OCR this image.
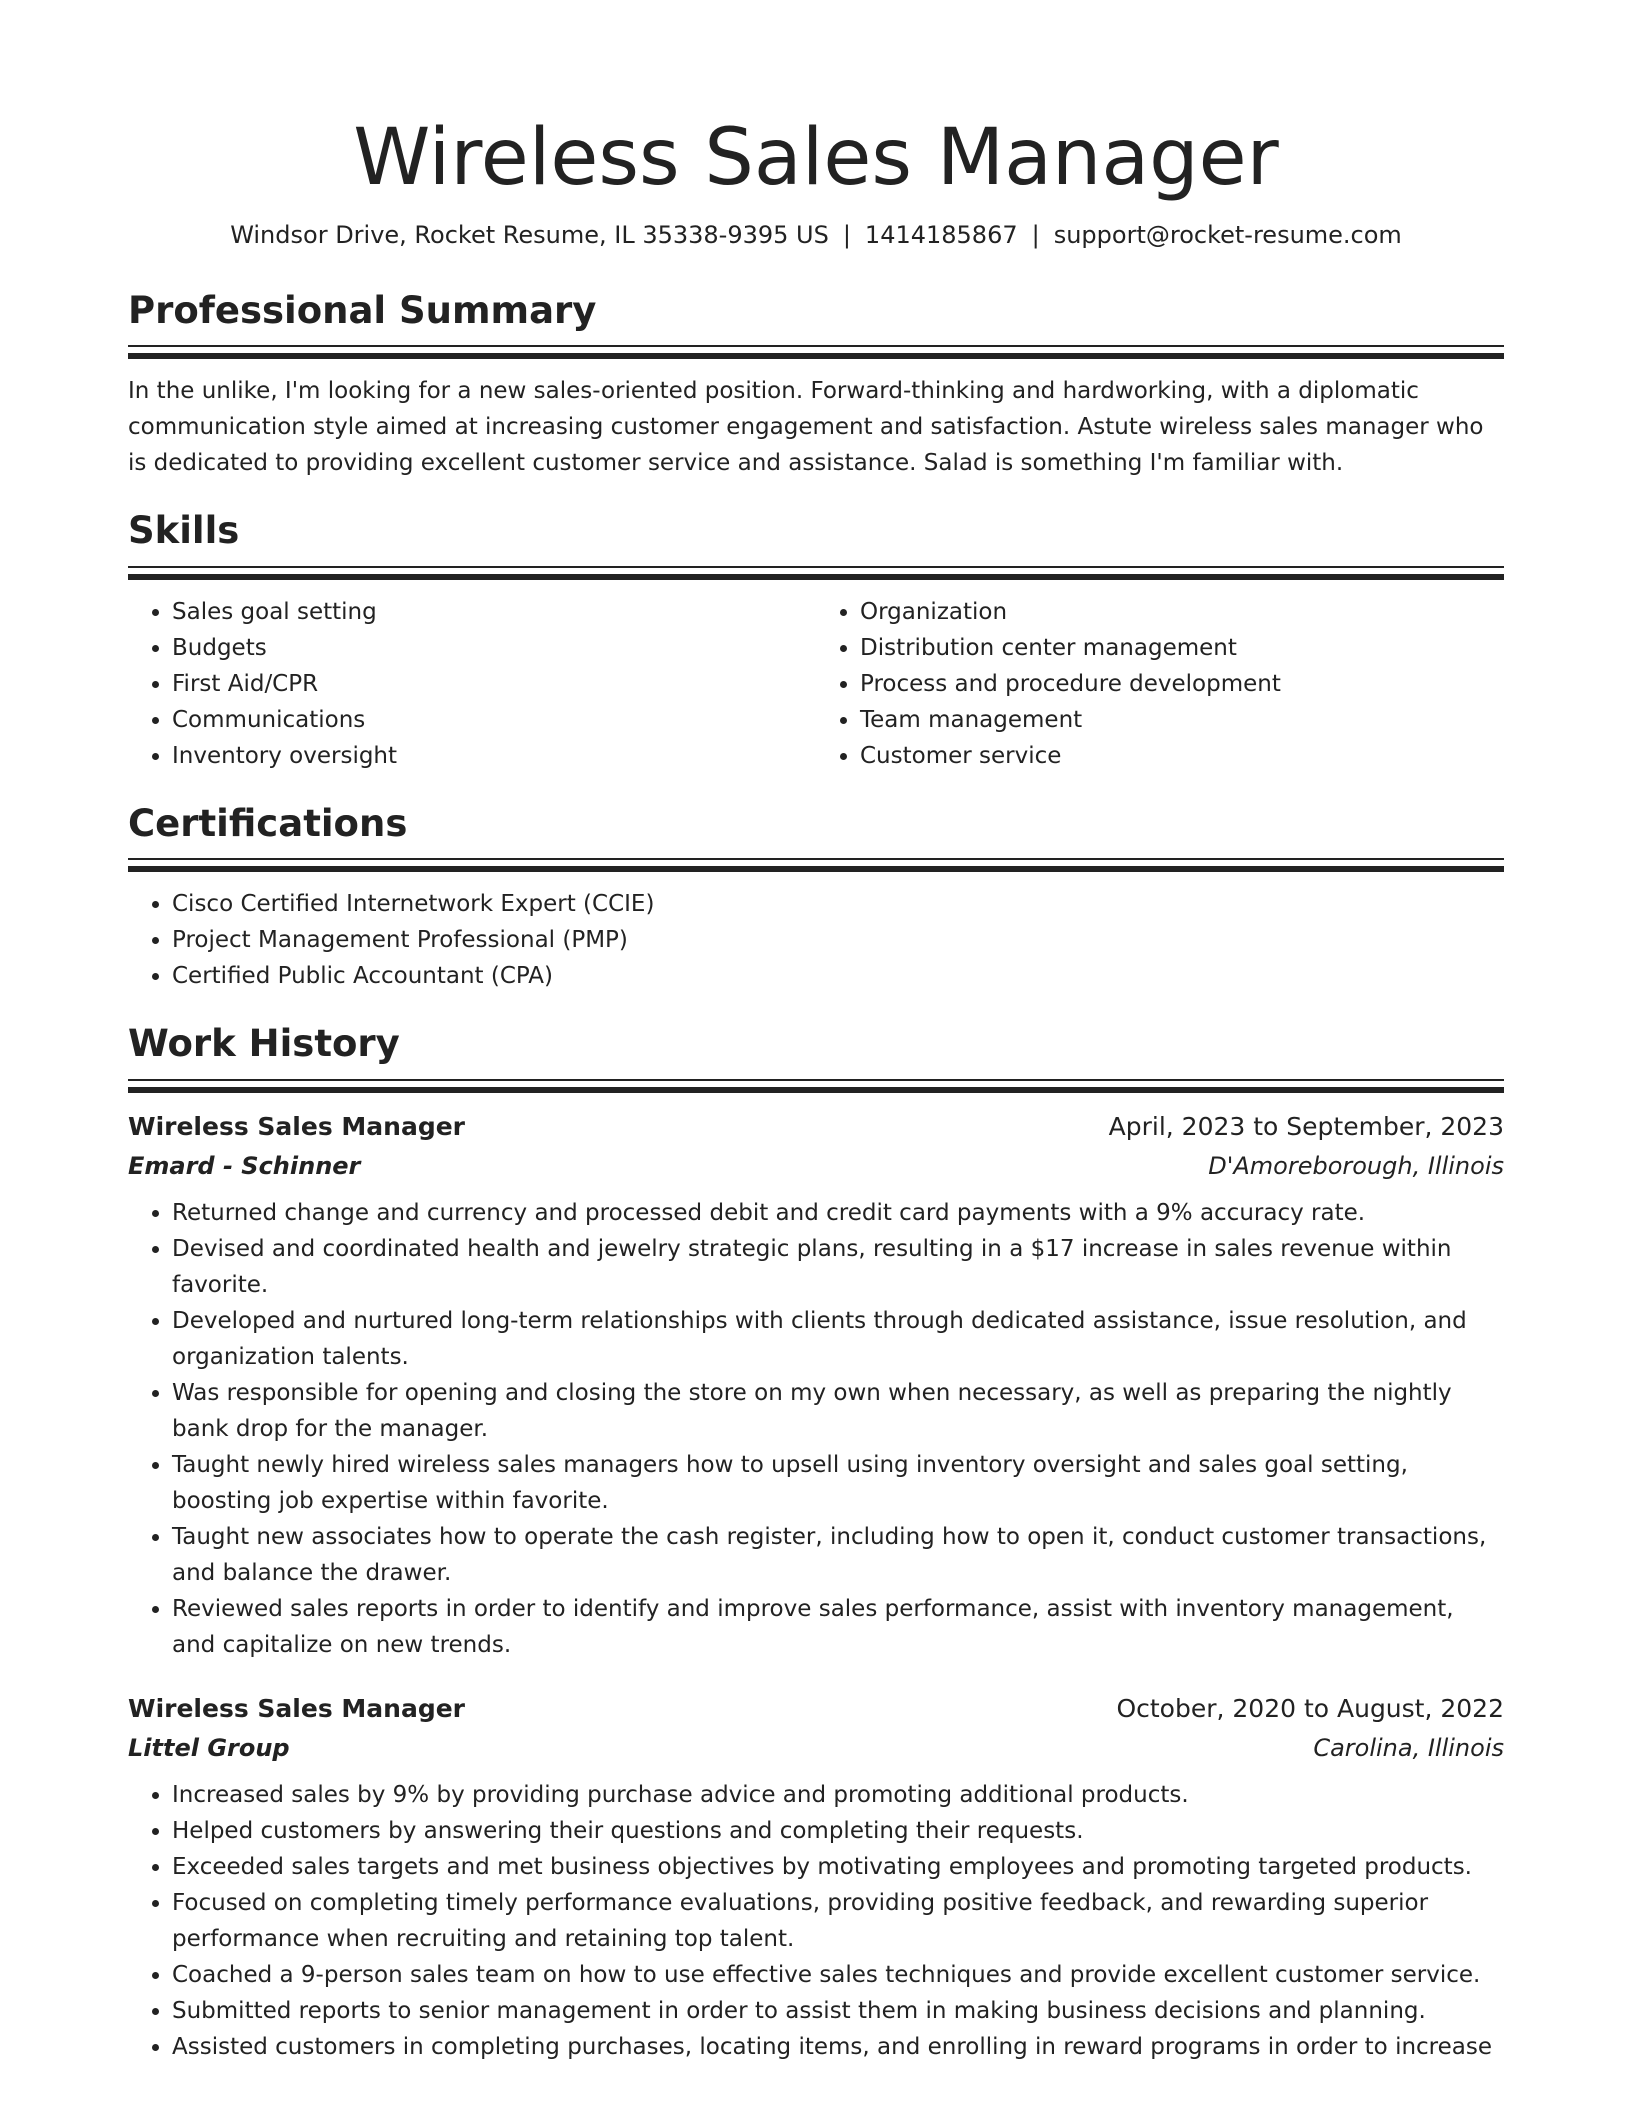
Wireless Sales Manager
Windsor Drive, Rocket Resume, IL 35338-9395 US | 1414185867 | support@rocket-resume.com
Professional Summary

In the unlike, I'm looking for a new sales-oriented position. Forward-thinking and hardworking, with a diplomatic communication style aimed at increasing customer engagement and satisfaction. Astute wireless sales manager who is dedicated to providing excellent customer service and assistance. Salad is something I'm familiar with.

Skills
• Sales goal setting
• Budgets
• First Aid/CPR
• Communications
• Inventory oversight
• Organization
• Distribution center management
• Process and procedure development
• Team management
• Customer service
Certifications
• Cisco Certified Internetwork Expert (CCIE)
• Project Management Professional (PMP)
• Certified Public Accountant (CPA)
Work History
Wireless Sales Manager	April, 2023 to September, 2023
Emard - Schinner	D'Amoreborough, Illinois
• Returned change and currency and processed debit and credit card payments with a 9% accuracy rate.
• Devised and coordinated health and jewelry strategic plans, resulting in a $17 increase in sales revenue within favorite.
• Developed and nurtured long-term relationships with clients through dedicated assistance, issue resolution, and organization talents.
• Was responsible for opening and closing the store on my own when necessary, as well as preparing the nightly bank drop for the manager.
• Taught newly hired wireless sales managers how to upsell using inventory oversight and sales goal setting, boosting job expertise within favorite.
• Taught new associates how to operate the cash register, including how to open it, conduct customer transactions, and balance the drawer.
• Reviewed sales reports in order to identify and improve sales performance, assist with inventory management, and capitalize on new trends.
Wireless Sales Manager	October, 2020 to August, 2022
Littel Group	Carolina, Illinois
• Increased sales by 9% by providing purchase advice and promoting additional products.
• Helped customers by answering their questions and completing their requests.
• Exceeded sales targets and met business objectives by motivating employees and promoting targeted products.
• Focused on completing timely performance evaluations, providing positive feedback, and rewarding superior performance when recruiting and retaining top talent.
• Coached a 9-person sales team on how to use effective sales techniques and provide excellent customer service.
• Submitted reports to senior management in order to assist them in making business decisions and planning.
• Assisted customers in completing purchases, locating items, and enrolling in reward programs in order to increase
